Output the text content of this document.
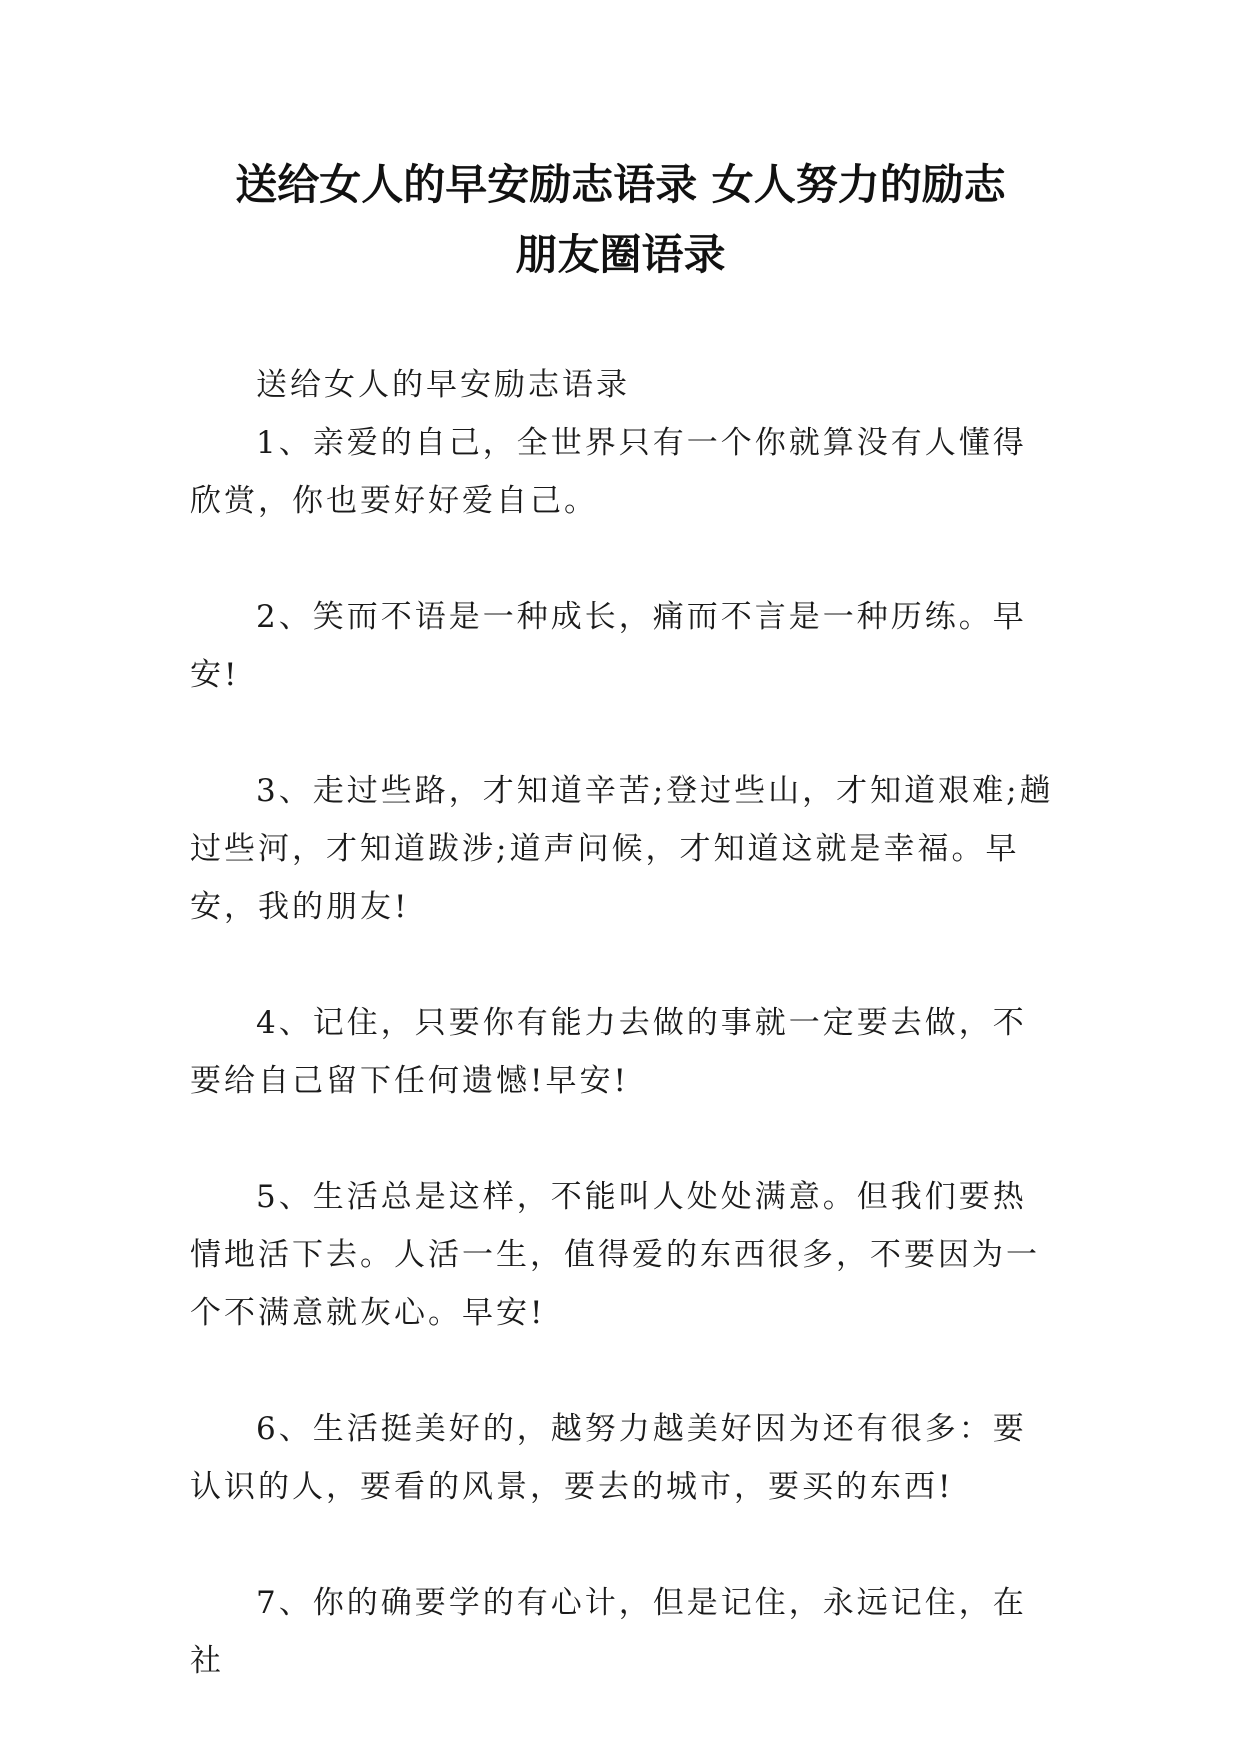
送给女人的早安励志语录 女人努力的励志
朋友圈语录

送给女人的早安励志语录

1、亲爱的自己，全世界只有一个你就算没有人懂得欣赏，你也要好好爱自己。

2、笑而不语是一种成长，痛而不言是一种历练。早安!

3、走过些路，才知道辛苦;登过些山，才知道艰难;趟过些河，才知道跋涉;道声问候，才知道这就是幸福。早安，我的朋友!

4、记住，只要你有能力去做的事就一定要去做，不要给自己留下任何遗憾!早安!

5、生活总是这样，不能叫人处处满意。但我们要热情地活下去。人活一生，值得爱的东西很多，不要因为一个不满意就灰心。早安!

6、生活挺美好的，越努力越美好因为还有很多：要认识的人，要看的风景，要去的城市，要买的东西!

7、你的确要学的有心计，但是记住，永远记住，在社
